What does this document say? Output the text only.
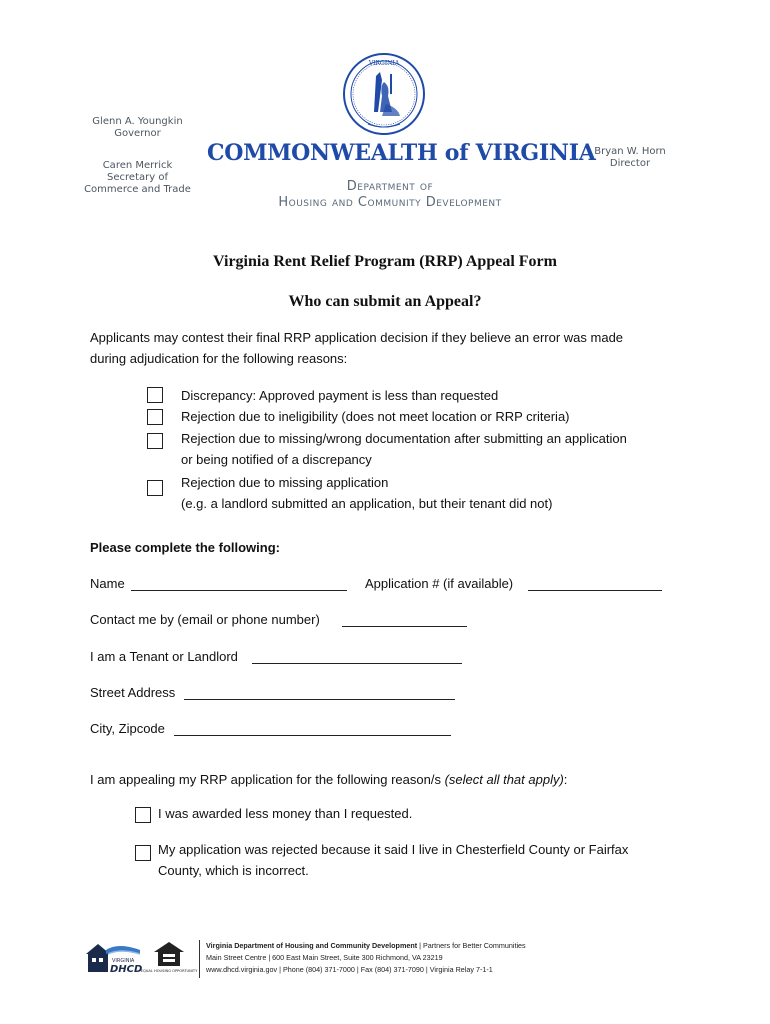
VIRGINIA
Glenn A. Youngkin
Governor
Caren Merrick
Secretary of
Commerce and Trade
Bryan W. Horn
Director
COMMONWEALTH of VIRGINIA
Department of
Housing and Community Development
Virginia Rent Relief Program (RRP) Appeal Form
Who can submit an Appeal?
Applicants may contest their final RRP application decision if they believe an error was made
during adjudication for the following reasons:
Discrepancy: Approved payment is less than requested
Rejection due to ineligibility (does not meet location or RRP criteria)
Rejection due to missing/wrong documentation after submitting an application
or being notified of a discrepancy
Rejection due to missing application
(e.g. a landlord submitted an application, but their tenant did not)
Please complete the following:
Name	Application # (if available)
Contact me by (email or phone number)
I am a Tenant or Landlord
Street Address
City, Zipcode
I am appealing my RRP application for the following reason/s (select all that apply):
I was awarded less money than I requested.
My application was rejected because it said I live in Chesterfield County or Fairfax
County, which is incorrect.
VIRGINIA
DHCD
EQUAL HOUSING OPPORTUNITY
Virginia Department of Housing and Community Development | Partners for Better Communities
Main Street Centre | 600 East Main Street, Suite 300 Richmond, VA 23219
www.dhcd.virginia.gov | Phone (804) 371-7000 | Fax (804) 371-7090 | Virginia Relay 7-1-1
